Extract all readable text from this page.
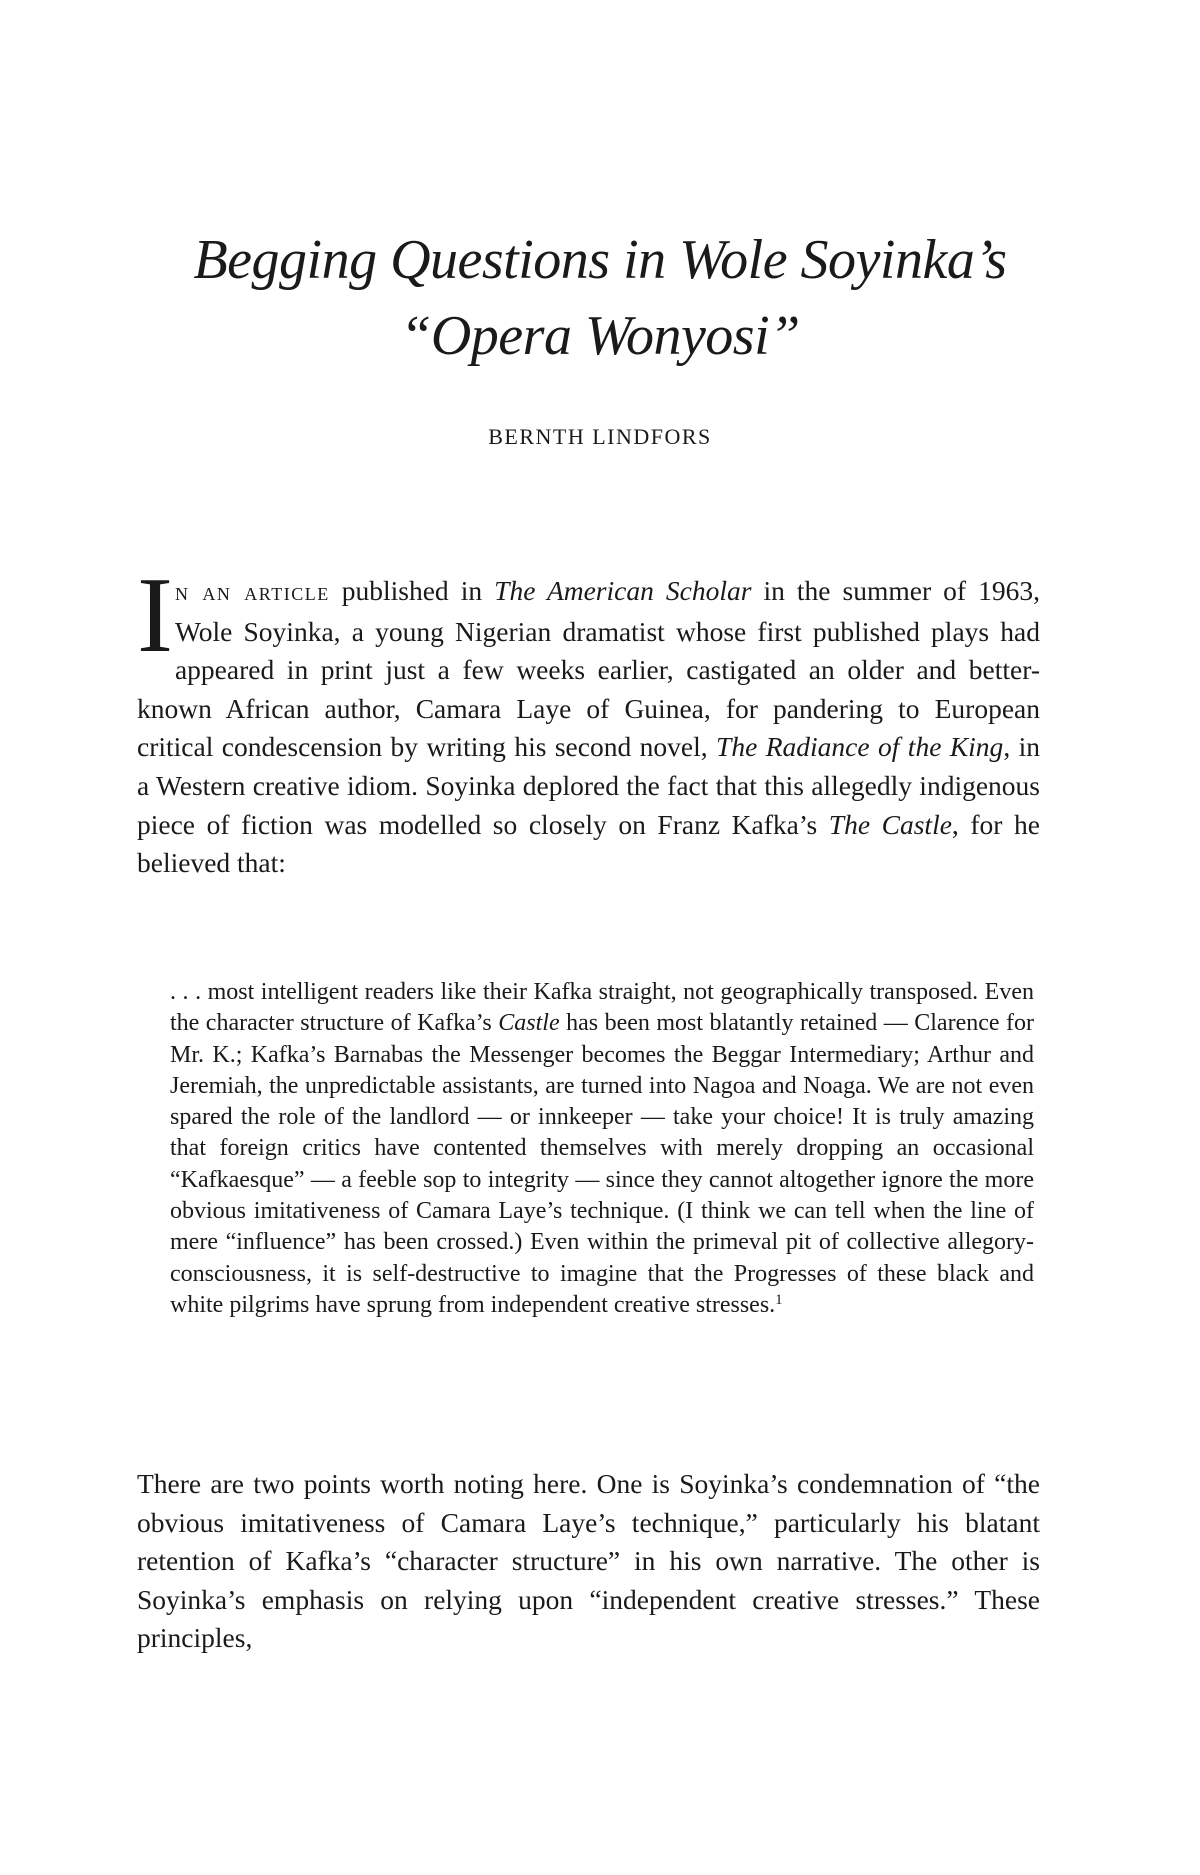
Begging Questions in Wole Soyinka’s
“Opera Wonyosi”

BERNTH LINDFORS

In an article published in The American Scholar in the summer of 1963, Wole Soyinka, a young Nigerian dramatist whose first published plays had appeared in print just a few weeks earlier, castigated an older and better-known African author, Camara Laye of Guinea, for pandering to European critical condescension by writing his second novel, The Radiance of the King, in a Western creative idiom. Soyinka deplored the fact that this allegedly indigenous piece of fiction was modelled so closely on Franz Kafka’s The Castle, for he believed that:

. . . most intelligent readers like their Kafka straight, not geographically transposed. Even the character structure of Kafka’s Castle has been most blatantly retained — Clarence for Mr. K.; Kafka’s Barnabas the Messenger becomes the Beggar Intermediary; Arthur and Jeremiah, the unpredictable assistants, are turned into Nagoa and Noaga. We are not even spared the role of the landlord — or innkeeper — take your choice! It is truly amazing that foreign critics have contented themselves with merely dropping an occasional “Kafkaesque” — a feeble sop to integrity — since they cannot altogether ignore the more obvious imitativeness of Camara Laye’s technique. (I think we can tell when the line of mere “influence” has been crossed.) Even within the primeval pit of collective allegory-consciousness, it is self-destructive to imagine that the Progresses of these black and white pilgrims have sprung from independent creative stresses.$^1$

There are two points worth noting here. One is Soyinka’s condemnation of “the obvious imitativeness of Camara Laye’s technique,” particularly his blatant retention of Kafka’s “character structure” in his own narrative. The other is Soyinka’s emphasis on relying upon “independent creative stresses.” These principles,
